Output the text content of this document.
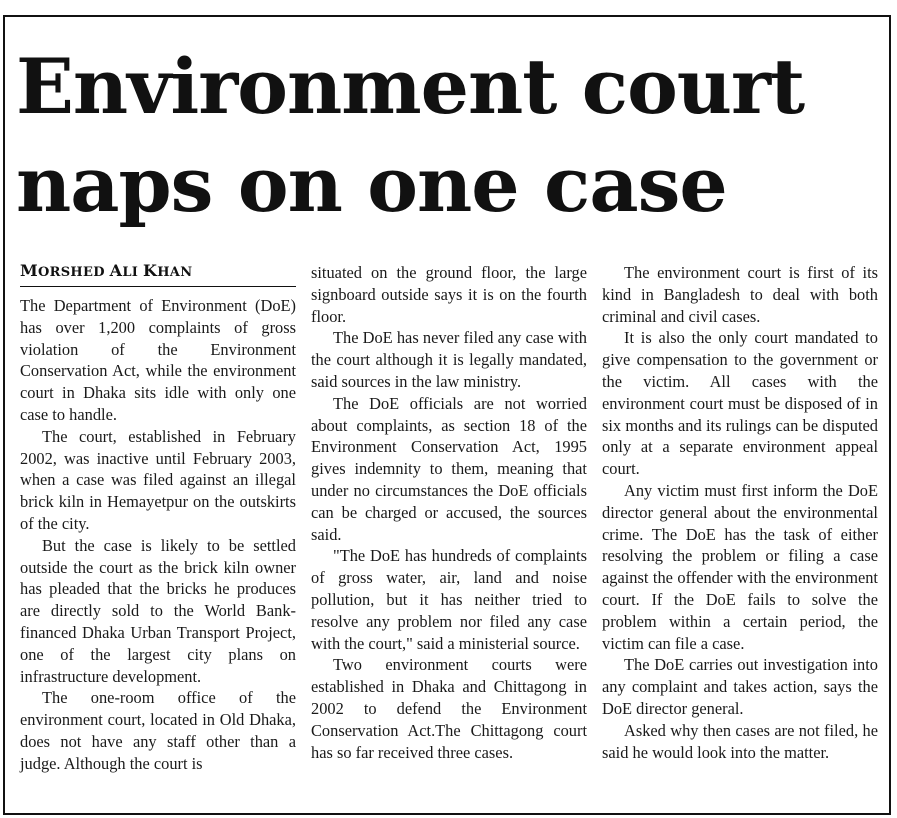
Environment court
naps on one case
MORSHED ALI KHAN

The Department of Environment (DoE) has over 1,200 complaints of gross violation of the Environment Conservation Act, while the environment court in Dhaka sits idle with only one case to handle.

The court, established in February 2002, was inactive until February 2003, when a case was filed against an illegal brick kiln in Hemayetpur on the outskirts of the city.

But the case is likely to be settled outside the court as the brick kiln owner has pleaded that the bricks he produces are directly sold to the World Bank-financed Dhaka Urban Transport Project, one of the largest city plans on infrastructure development.

The one-room office of the environment court, located in Old Dhaka, does not have any staff other than a judge. Although the court is

situated on the ground floor, the large signboard outside says it is on the fourth floor.

The DoE has never filed any case with the court although it is legally mandated, said sources in the law ministry.

The DoE officials are not worried about complaints, as section 18 of the Environment Conservation Act, 1995 gives indemnity to them, meaning that under no circumstances the DoE officials can be charged or accused, the sources said.

"The DoE has hundreds of complaints of gross water, air, land and noise pollution, but it has neither tried to resolve any problem nor filed any case with the court," said a ministerial source.

Two environment courts were established in Dhaka and Chittagong in 2002 to defend the Environment Conservation Act.The Chittagong court has so far received three cases.

The environment court is first of its kind in Bangladesh to deal with both criminal and civil cases.

It is also the only court mandated to give compensation to the government or the victim. All cases with the environment court must be disposed of in six months and its rulings can be disputed only at a separate environment appeal court.

Any victim must first inform the DoE director general about the environmental crime. The DoE has the task of either resolving the problem or filing a case against the offender with the environment court. If the DoE fails to solve the problem within a certain period, the victim can file a case.

The DoE carries out investigation into any complaint and takes action, says the DoE director general.

Asked why then cases are not filed, he said he would look into the matter.
